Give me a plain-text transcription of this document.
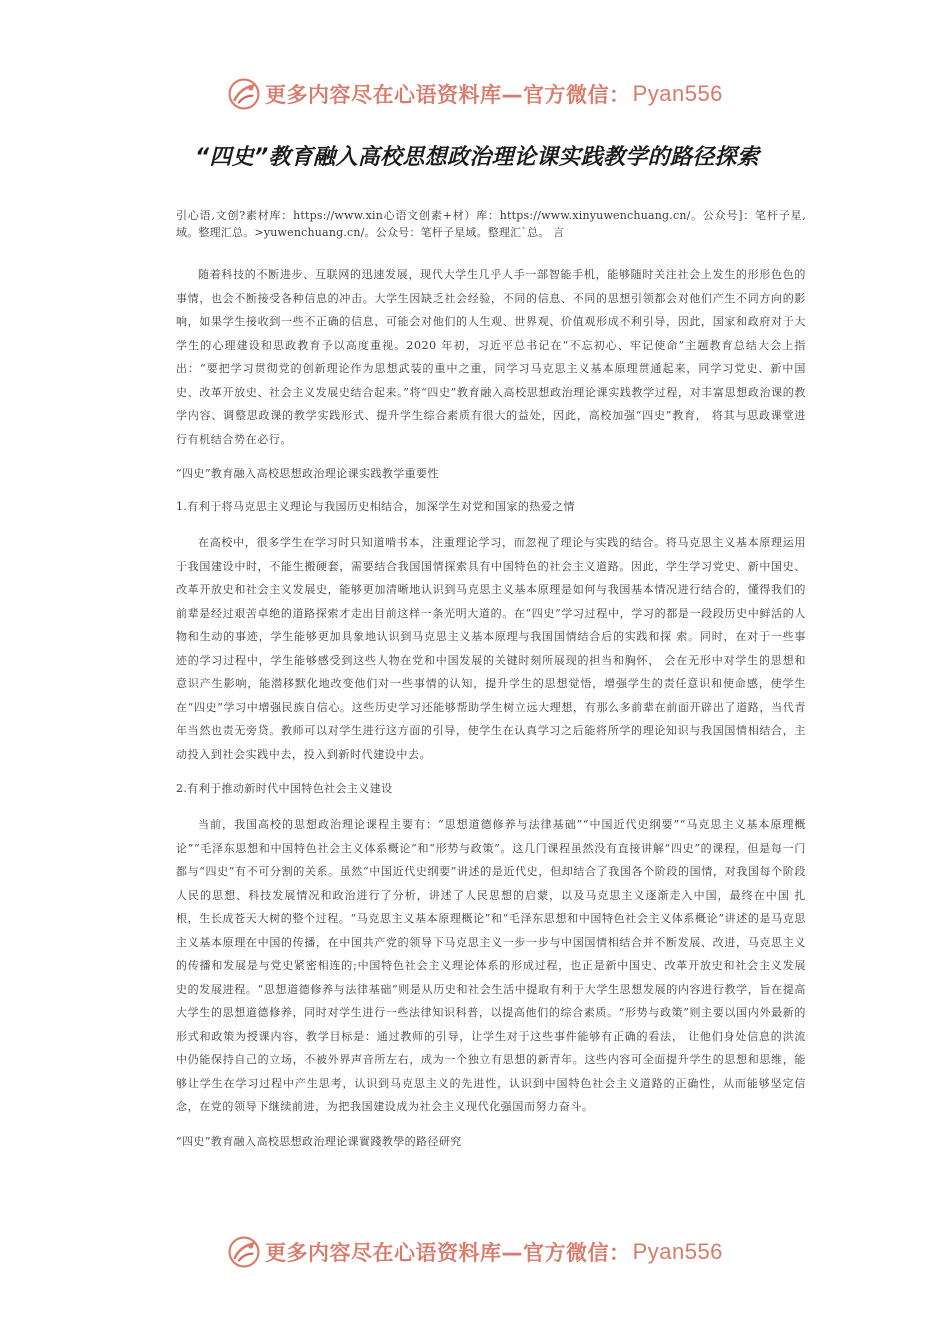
更多内容尽在心语资料库—官方微信： Pyan556
“四史”教育融入高校思想政治理论课实践教学的路径探索

引心语,文创?素材库：https://www.xin心语文创素+材）库：https://www.xinyuwenchuang.cn/。公众号]：笔杆子星,域。整理汇总。>yuwenchuang.cn/。公众号：笔杆子星域。整理汇`总。 言

随着科技的不断进步、互联网的迅速发展，现代大学生几乎人手一部智能手机，能够随时关注社会上发生的形形色色的事情，也会不断接受各种信息的冲击。大学生因缺乏社会经验，不同的信息、不同的思想引领都会对他们产生不同方向的影响，如果学生接收到一些不正确的信息，可能会对他们的人生观、世界观、价值观形成不利引导，因此，国家和政府对于大学生的心理建设和思政教育予以高度重视。2020 年初，习近平总书记在“不忘初心、牢记使命”主题教育总结大会上指出：“要把学习贯彻党的创新理论作为思想武装的重中之重，同学习马克思主义基本原理贯通起来，同学习党史、新中国史、改革开放史、社会主义发展史结合起来。”将“四史”教育融入高校思想政治理论课实践教学过程，对丰富思想政治课的教学内容、调整思政课的教学实践形式、提升学生综合素质有很大的益处，因此，高校加强“四史”教育， 将其与思政课堂进行有机结合势在必行。

“四史”教育融入高校思想政治理论课实践教学重要性

1.有利于将马克思主义理论与我国历史相结合，加深学生对党和国家的热爱之情

在高校中，很多学生在学习时只知道啃书本，注重理论学习，而忽视了理论与实践的结合。将马克思主义基本原理运用于我国建设中时，不能生搬硬套，需要结合我国国情探索具有中国特色的社会主义道路。因此，学生学习党史、新中国史、改革开放史和社会主义发展史，能够更加清晰地认识到马克思主义基本原理是如何与我国基本情况进行结合的，懂得我们的前辈是经过艰苦卓绝的道路探索才走出目前这样一条光明大道的。在“四史”学习过程中，学习的都是一段段历史中鲜活的人物和生动的事迹，学生能够更加具象地认识到马克思主义基本原理与我国国情结合后的实践和探 索。同时，在对于一些事迹的学习过程中，学生能够感受到这些人物在党和中国发展的关键时刻所展现的担当和胸怀， 会在无形中对学生的思想和意识产生影响，能潜移默化地改变他们对一些事情的认知，提升学生的思想觉悟，增强学生的责任意识和使命感，使学生在“四史”学习中增强民族自信心。这些历史学习还能够帮助学生树立远大理想，有那么多前辈在前面开辟出了道路，当代青年当然也责无旁贷。教师可以对学生进行这方面的引导，使学生在认真学习之后能将所学的理论知识与我国国情相结合，主动投入到社会实践中去，投入到新时代建设中去。

2.有利于推动新时代中国特色社会主义建设

当前，我国高校的思想政治理论课程主要有：“思想道德修养与法律基础”“中国近代史纲要”“马克思主义基本原理概论”“毛泽东思想和中国特色社会主义体系概论”和“形势与政策”。这几门课程虽然没有直接讲解“四史”的课程，但是每一门都与“四史”有不可分割的关系。虽然“中国近代史纲要”讲述的是近代史，但却结合了我国各个阶段的国情，对我国每个阶段人民的思想、科技发展情况和政治进行了分析，讲述了人民思想的启蒙，以及马克思主义逐渐走入中国，最终在中国 扎根，生长成苍天大树的整个过程。“马克思主义基本原理概论”和“毛泽东思想和中国特色社会主义体系概论”讲述的是马克思主义基本原理在中国的传播，在中国共产党的领导下马克思主义一步一步与中国国情相结合并不断发展、改进，马克思主义的传播和发展是与党史紧密相连的;中国特色社会主义理论体系的形成过程，也正是新中国史、改革开放史和社会主义发展史的发展进程。“思想道德修养与法律基础”则是从历史和社会生活中提取有利于大学生思想发展的内容进行教学，旨在提高大学生的思想道德修养，同时对学生进行一些法律知识科普，以提高他们的综合素质。“形势与政策”则主要以国内外最新的形式和政策为授课内容，教学目标是：通过教师的引导，让学生对于这些事件能够有正确的看法， 让他们身处信息的洪流中仍能保持自己的立场，不被外界声音所左右，成为一个独立有思想的新青年。这些内容可全面提升学生的思想和思维，能够让学生在学习过程中产生思考，认识到马克思主义的先进性，认识到中国特色社会主义道路的正确性，从而能够坚定信念，在党的领导下继续前进，为把我国建设成为社会主义现代化强国而努力奋斗。

“四史”教育融入高校思想政治理论课實踐教學的路径研究

更多内容尽在心语资料库—官方微信： Pyan556
